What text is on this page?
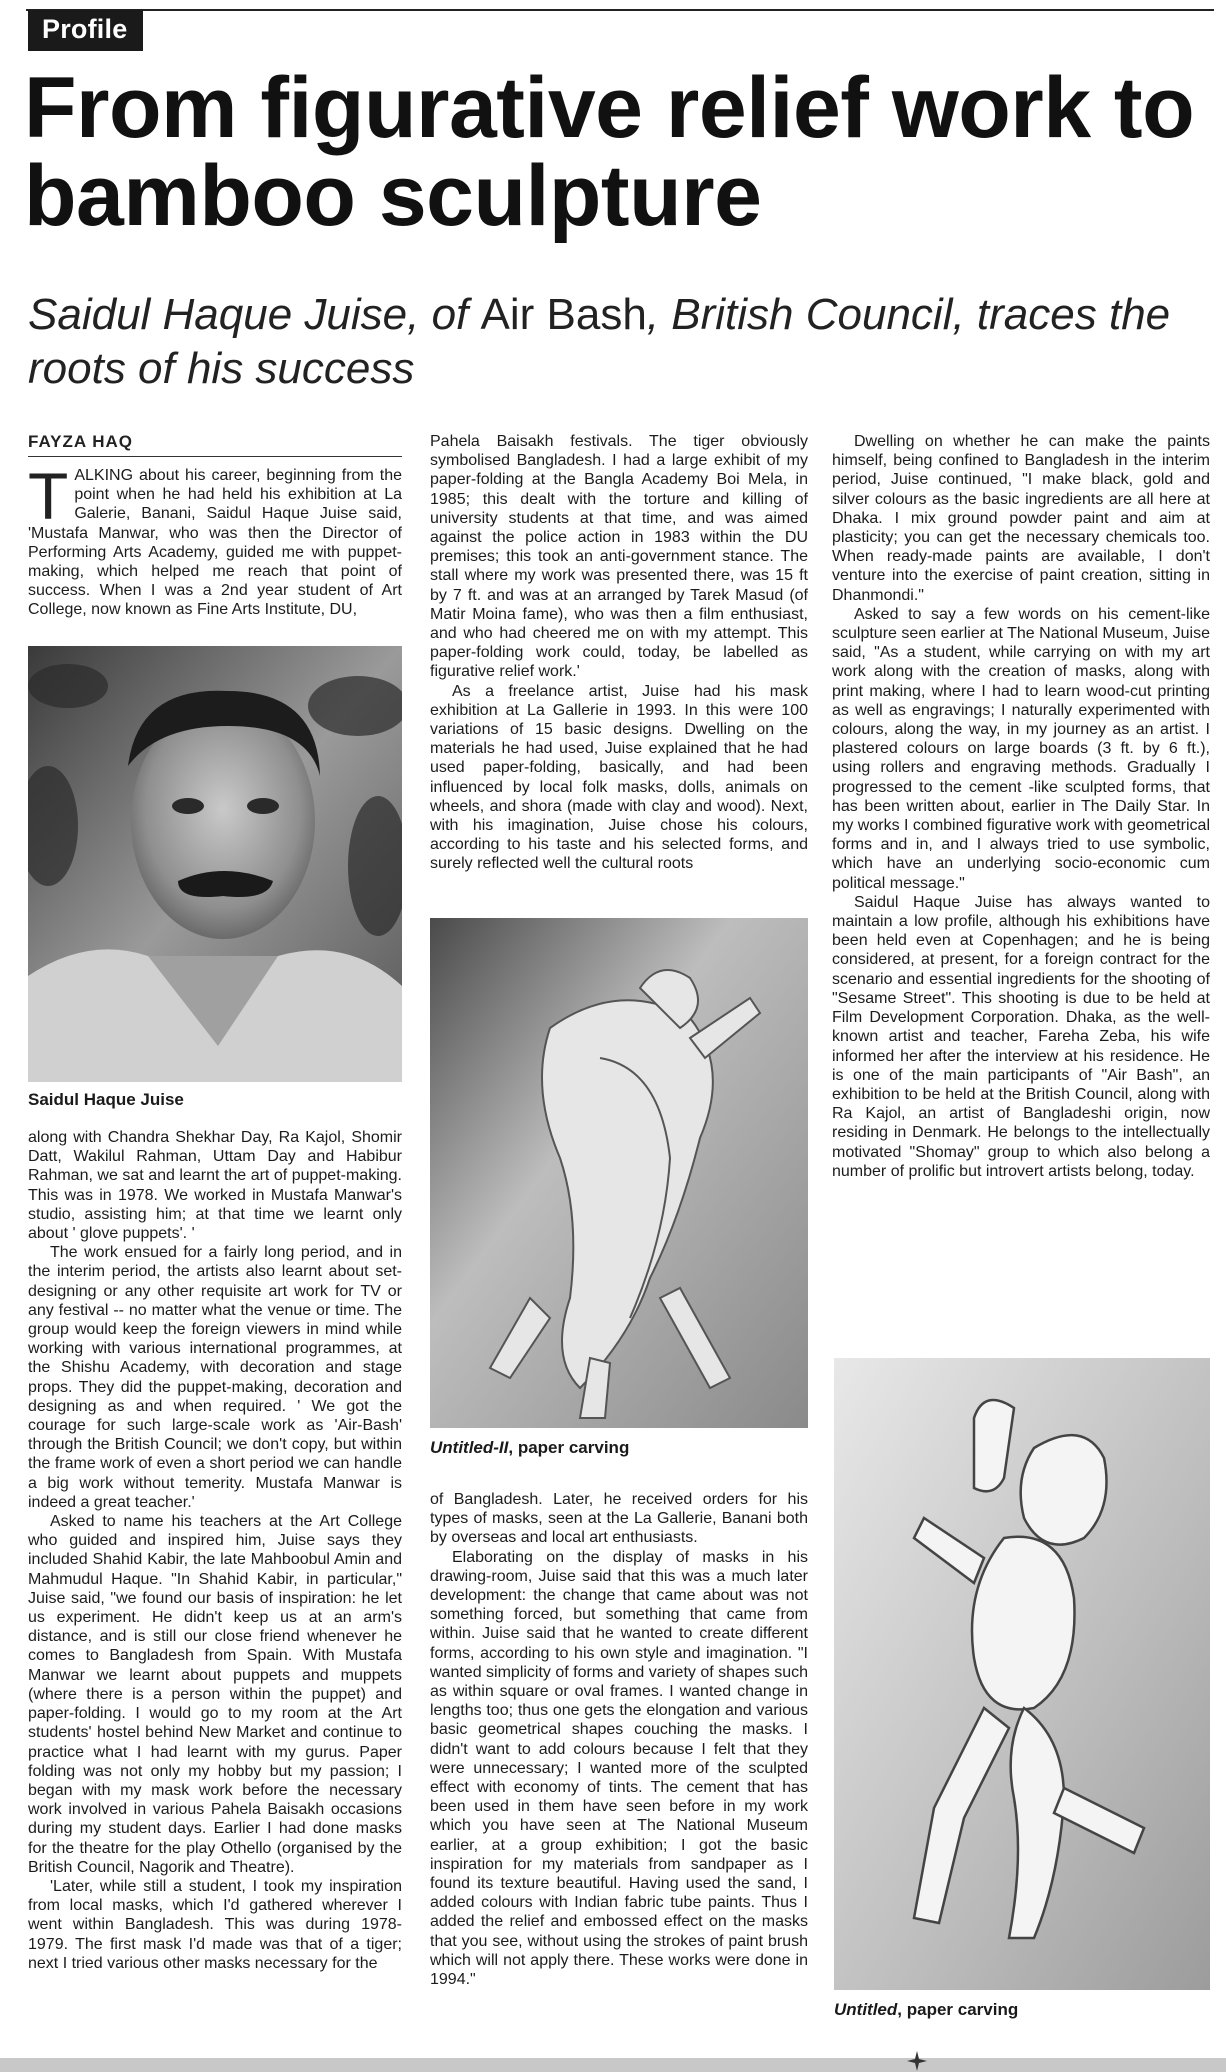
Profile
From figurative relief work to bamboo sculpture

Saidul Haque Juise, of Air Bash, British Council, traces the roots of his success

FAYZA HAQ

TALKING about his career, beginning from the point when he had held his exhibition at La Galerie, Banani, Saidul Haque Juise said, 'Mustafa Manwar, who was then the Director of Performing Arts Academy, guided me with puppet-making, which helped me reach that point of success. When I was a 2nd year student of Art College, now known as Fine Arts Institute, DU,

Saidul Haque Juise

along with Chandra Shekhar Day, Ra Kajol, Shomir Datt, Wakilul Rahman, Uttam Day and Habibur Rahman, we sat and learnt the art of puppet-making. This was in 1978. We worked in Mustafa Manwar's studio, assisting him; at that time we learnt only about ' glove puppets'. '

The work ensued for a fairly long period, and in the interim period, the artists also learnt about set-designing or any other requisite art work for TV or any festival -- no matter what the venue or time. The group would keep the foreign viewers in mind while working with various international programmes, at the Shishu Academy, with decoration and stage props. They did the puppet-making, decoration and designing as and when required. ' We got the courage for such large-scale work as 'Air-Bash' through the British Council; we don't copy, but within the frame work of even a short period we can handle a big work without temerity. Mustafa Manwar is indeed a great teacher.'

Asked to name his teachers at the Art College who guided and inspired him, Juise says they included Shahid Kabir, the late Mahboobul Amin and Mahmudul Haque. "In Shahid Kabir, in particular," Juise said, "we found our basis of inspiration: he let us experiment. He didn't keep us at an arm's distance, and is still our close friend whenever he comes to Bangladesh from Spain. With Mustafa Manwar we learnt about puppets and muppets (where there is a person within the puppet) and paper-folding. I would go to my room at the Art students' hostel behind New Market and continue to practice what I had learnt with my gurus. Paper folding was not only my hobby but my passion; I began with my mask work before the necessary work involved in various Pahela Baisakh occasions during my student days. Earlier I had done masks for the theatre for the play Othello (organised by the British Council, Nagorik and Theatre).

'Later, while still a student, I took my inspiration from local masks, which I'd gathered wherever I went within Bangladesh. This was during 1978-1979. The first mask I'd made was that of a tiger; next I tried various other masks necessary for the

Pahela Baisakh festivals. The tiger obviously symbolised Bangladesh. I had a large exhibit of my paper-folding at the Bangla Academy Boi Mela, in 1985; this dealt with the torture and killing of university students at that time, and was aimed against the police action in 1983 within the DU premises; this took an anti-government stance. The stall where my work was presented there, was 15 ft by 7 ft. and was at an arranged by Tarek Masud (of Matir Moina fame), who was then a film enthusiast, and who had cheered me on with my attempt. This paper-folding work could, today, be labelled as figurative relief work.'

As a freelance artist, Juise had his mask exhibition at La Gallerie in 1993. In this were 100 variations of 15 basic designs. Dwelling on the materials he had used, Juise explained that he had used paper-folding, basically, and had been influenced by local folk masks, dolls, animals on wheels, and shora (made with clay and wood). Next, with his imagination, Juise chose his colours, according to his taste and his selected forms, and surely reflected well the cultural roots

Untitled-II, paper carving

of Bangladesh. Later, he received orders for his types of masks, seen at the La Gallerie, Banani both by overseas and local art enthusiasts.

Elaborating on the display of masks in his drawing-room, Juise said that this was a much later development: the change that came about was not something forced, but something that came from within. Juise said that he wanted to create different forms, according to his own style and imagination. "I wanted simplicity of forms and variety of shapes such as within square or oval frames. I wanted change in lengths too; thus one gets the elongation and various basic geometrical shapes couching the masks. I didn't want to add colours because I felt that they were unnecessary; I wanted more of the sculpted effect with economy of tints. The cement that has been used in them have seen before in my work which you have seen at The National Museum earlier, at a group exhibition; I got the basic inspiration for my materials from sandpaper as I found its texture beautiful. Having used the sand, I added colours with Indian fabric tube paints. Thus I added the relief and embossed effect on the masks that you see, without using the strokes of paint brush which will not apply there. These works were done in 1994."

Dwelling on whether he can make the paints himself, being confined to Bangladesh in the interim period, Juise continued, "I make black, gold and silver colours as the basic ingredients are all here at Dhaka. I mix ground powder paint and aim at plasticity; you can get the necessary chemicals too. When ready-made paints are available, I don't venture into the exercise of paint creation, sitting in Dhanmondi."

Asked to say a few words on his cement-like sculpture seen earlier at The National Museum, Juise said, "As a student, while carrying on with my art work along with the creation of masks, along with print making, where I had to learn wood-cut printing as well as engravings; I naturally experimented with colours, along the way, in my journey as an artist. I plastered colours on large boards (3 ft. by 6 ft.), using rollers and engraving methods. Gradually I progressed to the cement -like sculpted forms, that has been written about, earlier in The Daily Star. In my works I combined figurative work with geometrical forms and in, and I always tried to use symbolic, which have an underlying socio-economic cum political message."

Saidul Haque Juise has always wanted to maintain a low profile, although his exhibitions have been held even at Copenhagen; and he is being considered, at present, for a foreign contract for the scenario and essential ingredients for the shooting of "Sesame Street". This shooting is due to be held at Film Development Corporation. Dhaka, as the well-known artist and teacher, Fareha Zeba, his wife informed her after the interview at his residence. He is one of the main participants of "Air Bash", an exhibition to be held at the British Council, along with Ra Kajol, an artist of Bangladeshi origin, now residing in Denmark. He belongs to the intellectually motivated "Shomay" group to which also belong a number of prolific but introvert artists belong, today.

Untitled, paper carving
